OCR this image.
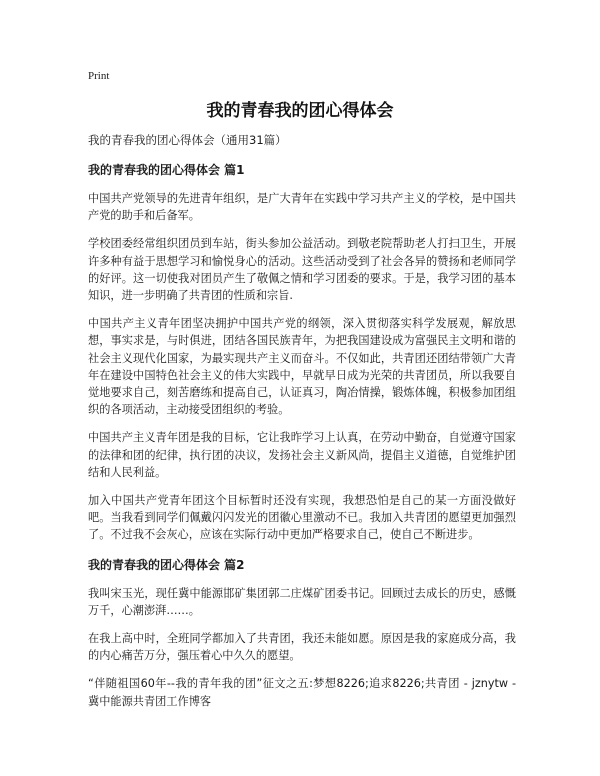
Print
我的青春我的团心得体会

我的青春我的团心得体会（通用31篇）

我的青春我的团心得体会 篇1

中国共产党领导的先进青年组织，是广大青年在实践中学习共产主义的学校，是中国共产党的助手和后备军。

学校团委经常组织团员到车站，街头参加公益活动。到敬老院帮助老人打扫卫生，开展许多种有益于思想学习和愉悦身心的活动。这些活动受到了社会各异的赞扬和老师同学的好评。这一切使我对团员产生了敬佩之情和学习团委的要求。于是，我学习团的基本知识，进一步明确了共青团的性质和宗旨.

中国共产主义青年团坚决拥护中国共产党的纲领，深入贯彻落实科学发展观，解放思想，事实求是，与时俱进，团结各国民族青年，为把我国建设成为富强民主文明和谐的社会主义现代化国家，为最实现共产主义而奋斗。不仅如此，共青团还团结带领广大青年在建设中国特色社会主义的伟大实践中，早就早日成为光荣的共青团员，所以我要自觉地要求自己，刻苦磨练和提高自己，认证真习，陶冶情操，锻炼体魄，积极参加团组织的各项活动，主动接受团组织的考验。

中国共产主义青年团是我的目标，它让我昨学习上认真，在劳动中勤奋，自觉遵守国家的法律和团的纪律，执行团的决议，发扬社会主义新风尚，提倡主义道德，自觉维护团结和人民利益。

加入中国共产党青年团这个目标暂时还没有实现，我想恐怕是自己的某一方面没做好吧。当我看到同学们佩戴闪闪发光的团徽心里激动不已。我加入共青团的愿望更加强烈了。不过我不会灰心，应该在实际行动中更加严格要求自己，使自己不断进步。

我的青春我的团心得体会 篇2

我叫宋玉光，现任冀中能源邯矿集团郭二庄煤矿团委书记。回顾过去成长的历史，感慨万千，心潮澎湃……。

在我上高中时，全班同学都加入了共青团，我还未能如愿。原因是我的家庭成分高，我的内心痛苦万分，强压着心中久久的愿望。

“伴随祖国60年--我的青年我的团”征文之五:梦想8226;追求8226;共青团 - jznytw - 冀中能源共青团工作博客
